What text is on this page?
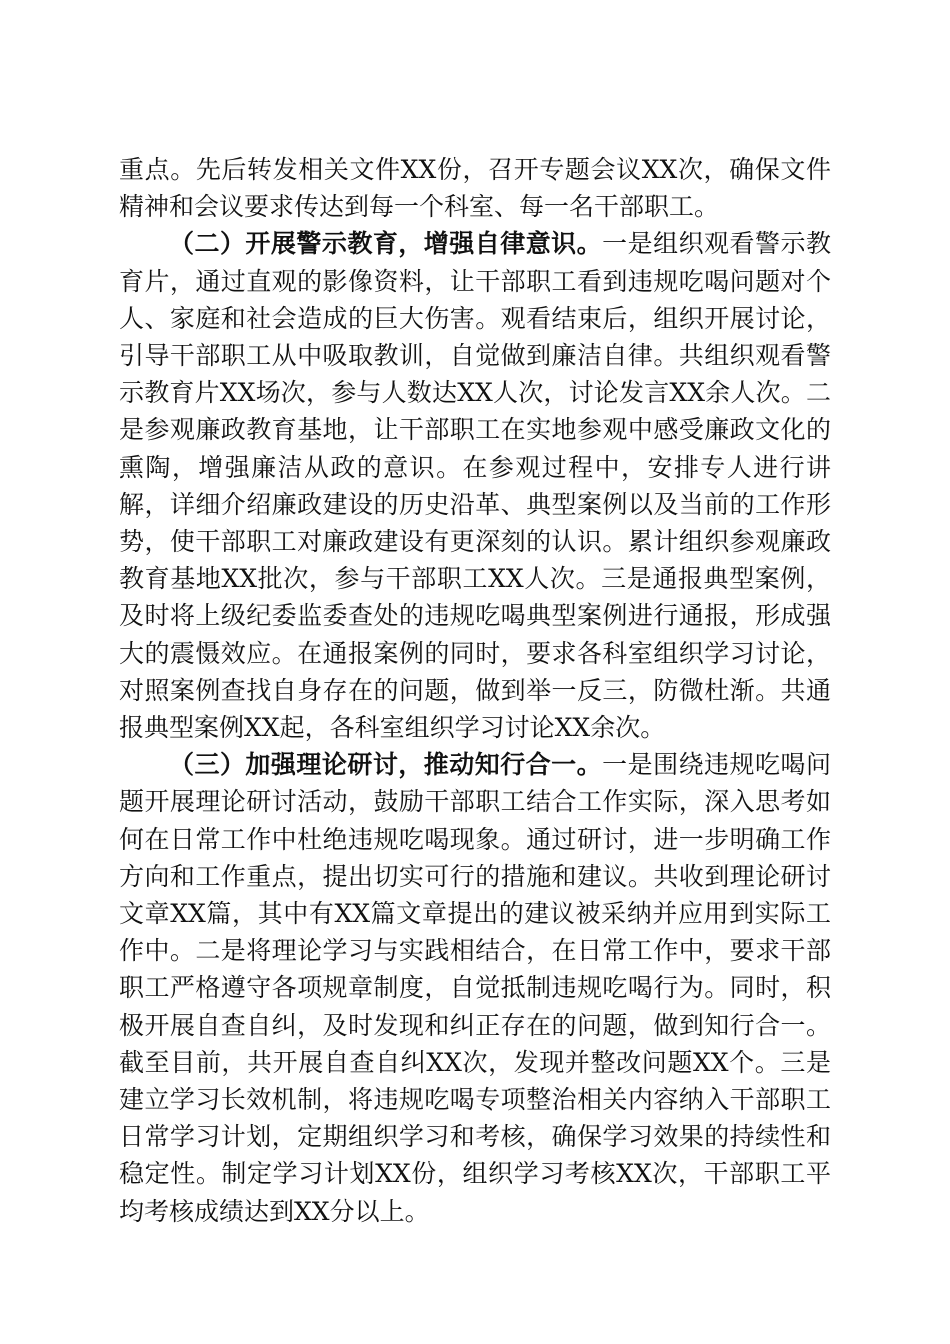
重点。先后转发相关文件XX份，召开专题会议XX次，确保文件精神和会议要求传达到每一个科室、每一名干部职工。

（二）开展警示教育，增强自律意识。一是组织观看警示教育片，通过直观的影像资料，让干部职工看到违规吃喝问题对个人、家庭和社会造成的巨大伤害。观看结束后，组织开展讨论，引导干部职工从中吸取教训，自觉做到廉洁自律。共组织观看警示教育片XX场次，参与人数达XX人次，讨论发言XX余人次。二是参观廉政教育基地，让干部职工在实地参观中感受廉政文化的熏陶，增强廉洁从政的意识。在参观过程中，安排专人进行讲解，详细介绍廉政建设的历史沿革、典型案例以及当前的工作形势，使干部职工对廉政建设有更深刻的认识。累计组织参观廉政教育基地XX批次，参与干部职工XX人次。三是通报典型案例，及时将上级纪委监委查处的违规吃喝典型案例进行通报，形成强大的震慑效应。在通报案例的同时，要求各科室组织学习讨论，对照案例查找自身存在的问题，做到举一反三，防微杜渐。共通报典型案例XX起，各科室组织学习讨论XX余次。

（三）加强理论研讨，推动知行合一。一是围绕违规吃喝问题开展理论研讨活动，鼓励干部职工结合工作实际，深入思考如何在日常工作中杜绝违规吃喝现象。通过研讨，进一步明确工作方向和工作重点，提出切实可行的措施和建议。共收到理论研讨文章XX篇，其中有XX篇文章提出的建议被采纳并应用到实际工作中。二是将理论学习与实践相结合，在日常工作中，要求干部职工严格遵守各项规章制度，自觉抵制违规吃喝行为。同时，积极开展自查自纠，及时发现和纠正存在的问题，做到知行合一。截至目前，共开展自查自纠XX次，发现并整改问题XX个。三是建立学习长效机制，将违规吃喝专项整治相关内容纳入干部职工日常学习计划，定期组织学习和考核，确保学习效果的持续性和稳定性。制定学习计划XX份，组织学习考核XX次，干部职工平均考核成绩达到XX分以上。
